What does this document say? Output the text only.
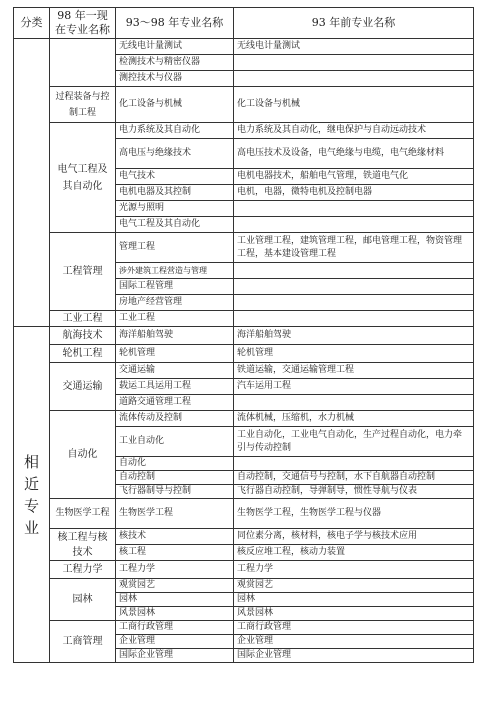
分类	98 年一现在专业名称	93～98 年专业名称	93 年前专业名称
		无线电计量测试	无线电计量测试
		检测技术与精密仪器	
		测控技术与仪器	
	过程装备与控制工程	化工设备与机械	化工设备与机械
	电气工程及其自动化	电力系统及其自动化	电力系统及其自动化，继电保护与自动远动技术
		高电压与绝缘技术	高电压技术及设备，电气绝缘与电缆，电气绝缘材料
		电气技术	电机电器技术，船舶电气管理，铁道电气化
		电机电器及其控制	电机，电器，微特电机及控制电器
		光源与照明	
		电气工程及其自动化	
	工程管理	管理工程	工业管理工程，建筑管理工程，邮电管理工程，物资管理工程，基本建设管理工程
		涉外建筑工程营造与管理	
		国际工程管理	
		房地产经营管理	
	工业工程	工业工程	
相近专业	航海技术	海洋船舶驾驶	海洋船舶驾驶
	轮机工程	轮机管理	轮机管理
	交通运输	交通运输	铁道运输，交通运输管理工程
		载运工具运用工程	汽车运用工程
		道路交通管理工程	
	自动化	流体传动及控制	流体机械，压缩机，水力机械
		工业自动化	工业自动化，工业电气自动化，生产过程自动化，电力牵引与传动控制
		自动化	
		自动控制	自动控制，交通信号与控制，水下自航器自动控制
		飞行器制导与控制	飞行器自动控制，导弹制导，惯性导航与仪表
	生物医学工程	生物医学工程	生物医学工程，生物医学工程与仪器
	核工程与核技术	核技术	同位素分离，核材料，核电子学与核技术应用
		核工程	核反应堆工程，核动力装置
	工程力学	工程力学	工程力学
	园林	观赏园艺	观赏园艺
		园林	园林
		风景园林	风景园林
	工商管理	工商行政管理	工商行政管理
		企业管理	企业管理
		国际企业管理	国际企业管理
